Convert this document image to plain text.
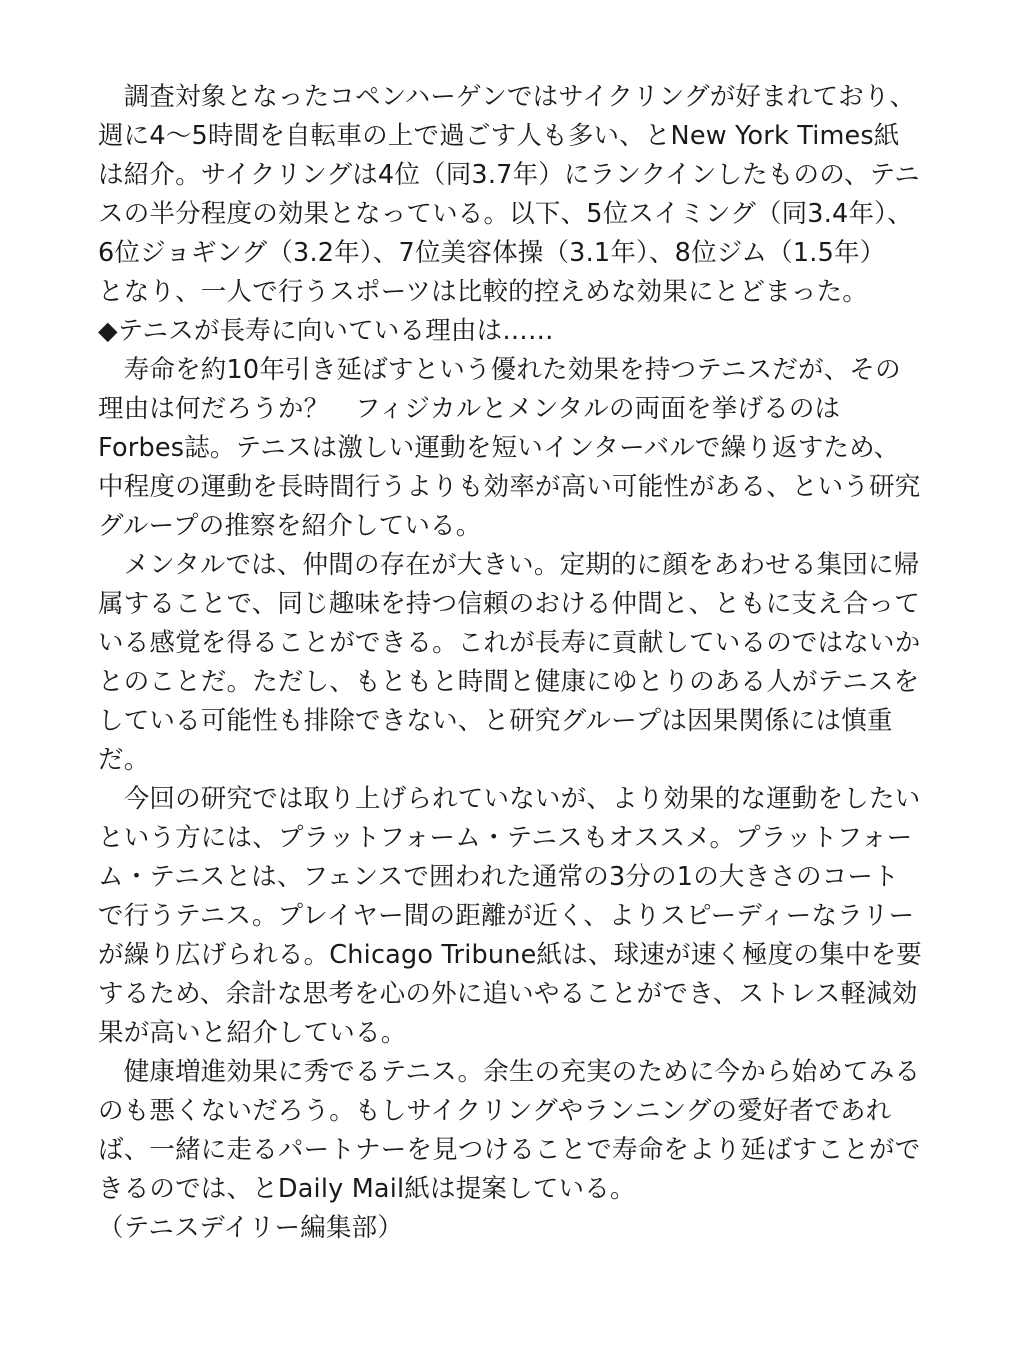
　調査対象となったコペンハーゲンではサイクリングが好まれており、
週に4〜5時間を自転車の上で過ごす人も多い、とNew York Times紙
は紹介。サイクリングは4位（同3.7年）にランクインしたものの、テニ
スの半分程度の効果となっている。以下、5位スイミング（同3.4年）、
6位ジョギング（3.2年）、7位美容体操（3.1年）、8位ジム（1.5年）
となり、一人で行うスポーツは比較的控えめな効果にとどまった。
◆テニスが長寿に向いている理由は……
　寿命を約10年引き延ばすという優れた効果を持つテニスだが、その
理由は何だろうか？　フィジカルとメンタルの両面を挙げるのは
Forbes誌。テニスは激しい運動を短いインターバルで繰り返すため、
中程度の運動を長時間行うよりも効率が高い可能性がある、という研究
グループの推察を紹介している。
　メンタルでは、仲間の存在が大きい。定期的に顔をあわせる集団に帰
属することで、同じ趣味を持つ信頼のおける仲間と、ともに支え合って
いる感覚を得ることができる。これが長寿に貢献しているのではないか
とのことだ。ただし、もともと時間と健康にゆとりのある人がテニスを
している可能性も排除できない、と研究グループは因果関係には慎重
だ。
　今回の研究では取り上げられていないが、より効果的な運動をしたい
という方には、プラットフォーム・テニスもオススメ。プラットフォー
ム・テニスとは、フェンスで囲われた通常の3分の1の大きさのコート
で行うテニス。プレイヤー間の距離が近く、よりスピーディーなラリー
が繰り広げられる。Chicago Tribune紙は、球速が速く極度の集中を要
するため、余計な思考を心の外に追いやることができ、ストレス軽減効
果が高いと紹介している。
　健康増進効果に秀でるテニス。余生の充実のために今から始めてみる
のも悪くないだろう。もしサイクリングやランニングの愛好者であれ
ば、一緒に走るパートナーを見つけることで寿命をより延ばすことがで
きるのでは、とDaily Mail紙は提案している。
（テニスデイリー編集部）
